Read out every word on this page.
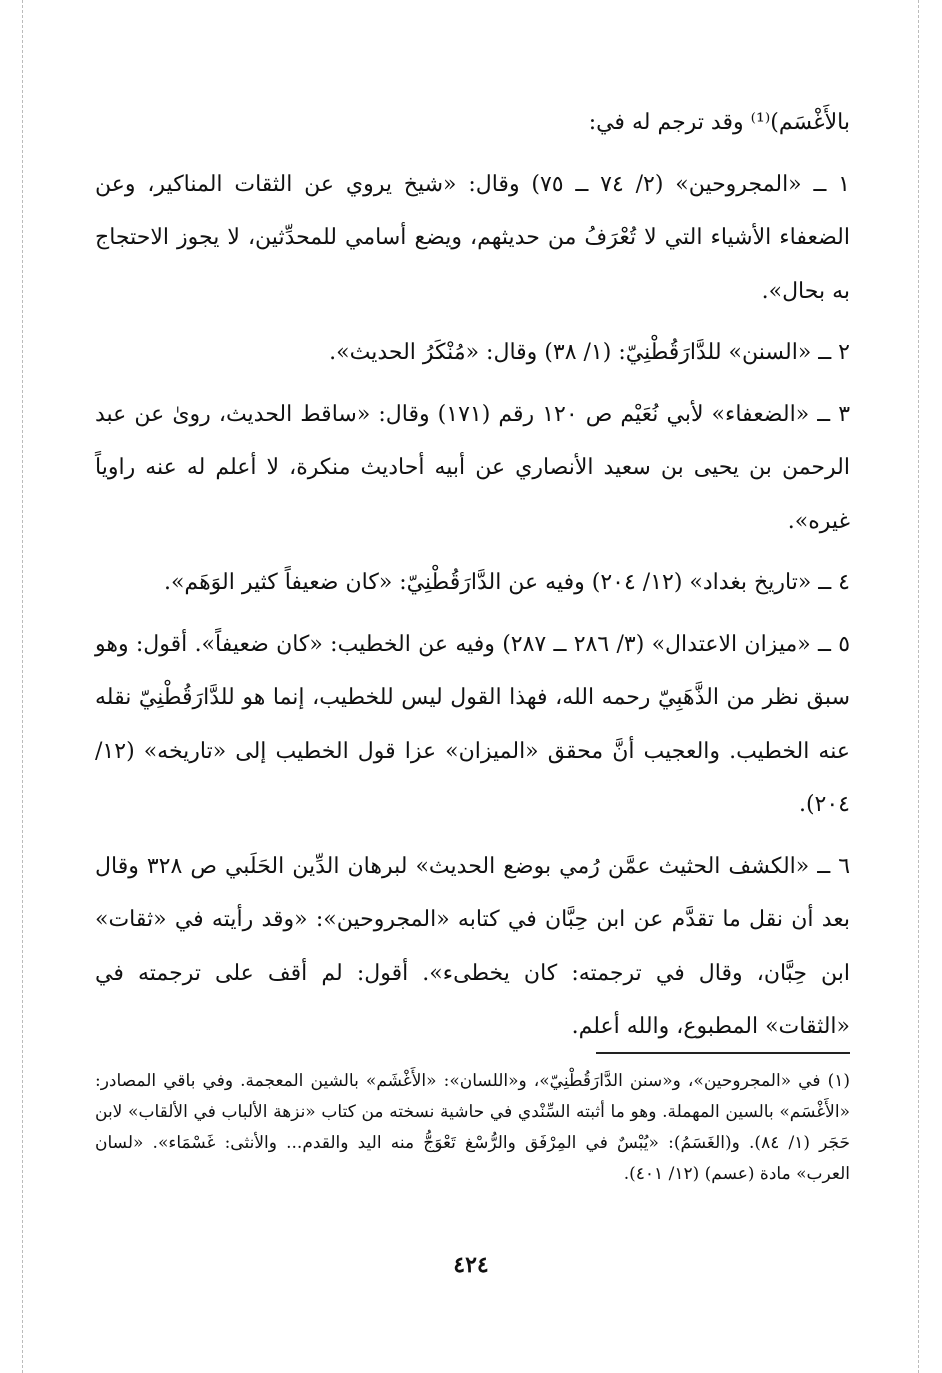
بالأَغْسَم)⁽¹⁾ وقد ترجم له في:

١ ــ «المجروحين» (٢/ ٧٤ ــ ٧٥) وقال: «شيخ يروي عن الثقات المناكير، وعن الضعفاء الأشياء التي لا تُعْرَفُ من حديثهم، ويضع أسامي للمحدِّثين، لا يجوز الاحتجاج به بحال».

٢ ــ «السنن» للدَّارَقُطْنِيّ: (١/ ٣٨) وقال: «مُنْكَرُ الحديث».

٣ ــ «الضعفاء» لأبي نُعَيْم ص ١٢٠ رقم (١٧١) وقال: «ساقط الحديث، روىٰ عن عبد الرحمن بن يحيى بن سعيد الأنصاري عن أبيه أحاديث منكرة، لا أعلم له عنه راوياً غيره».

٤ ــ «تاريخ بغداد» (١٢/ ٢٠٤) وفيه عن الدَّارَقُطْنِيّ: «كان ضعيفاً كثير الوَهَم».

٥ ــ «ميزان الاعتدال» (٣/ ٢٨٦ ــ ٢٨٧) وفيه عن الخطيب: «كان ضعيفاً». أقول: وهو سبق نظر من الذَّهَبِيّ رحمه الله، فهذا القول ليس للخطيب، إنما هو للدَّارَقُطْنِيّ نقله عنه الخطيب. والعجيب أنَّ محقق «الميزان» عزا قول الخطيب إلى «تاريخه» (١٢/ ٢٠٤).

٦ ــ «الكشف الحثيث عمَّن رُمي بوضع الحديث» لبرهان الدِّين الحَلَبي ص ٣٢٨ وقال بعد أن نقل ما تقدَّم عن ابن حِبَّان في كتابه «المجروحين»: «وقد رأيته في «ثقات» ابن حِبَّان، وقال في ترجمته: كان يخطىء». أقول: لم أقف على ترجمته في «الثقات» المطبوع، والله أعلم.

(١) في «المجروحين»، و«سنن الدَّارَقُطْنِيّ»، و«اللسان»: «الأَغْشَم» بالشين المعجمة. وفي باقي المصادر: «الأَغْسَم» بالسين المهملة. وهو ما أثبته السِّنْدي في حاشية نسخته من كتاب «نزهة الألباب في الألقاب» لابن حَجَر (١/ ٨٤). و(الغَسَمُ): «يُبْسٌ في المِرْفَق والرُّسْغ تَعْوَجُّ منه اليد والقدم... والأنثى: غَسْمَاء». «لسان العرب» مادة (عسم) (١٢/ ٤٠١).

٤٢٤
